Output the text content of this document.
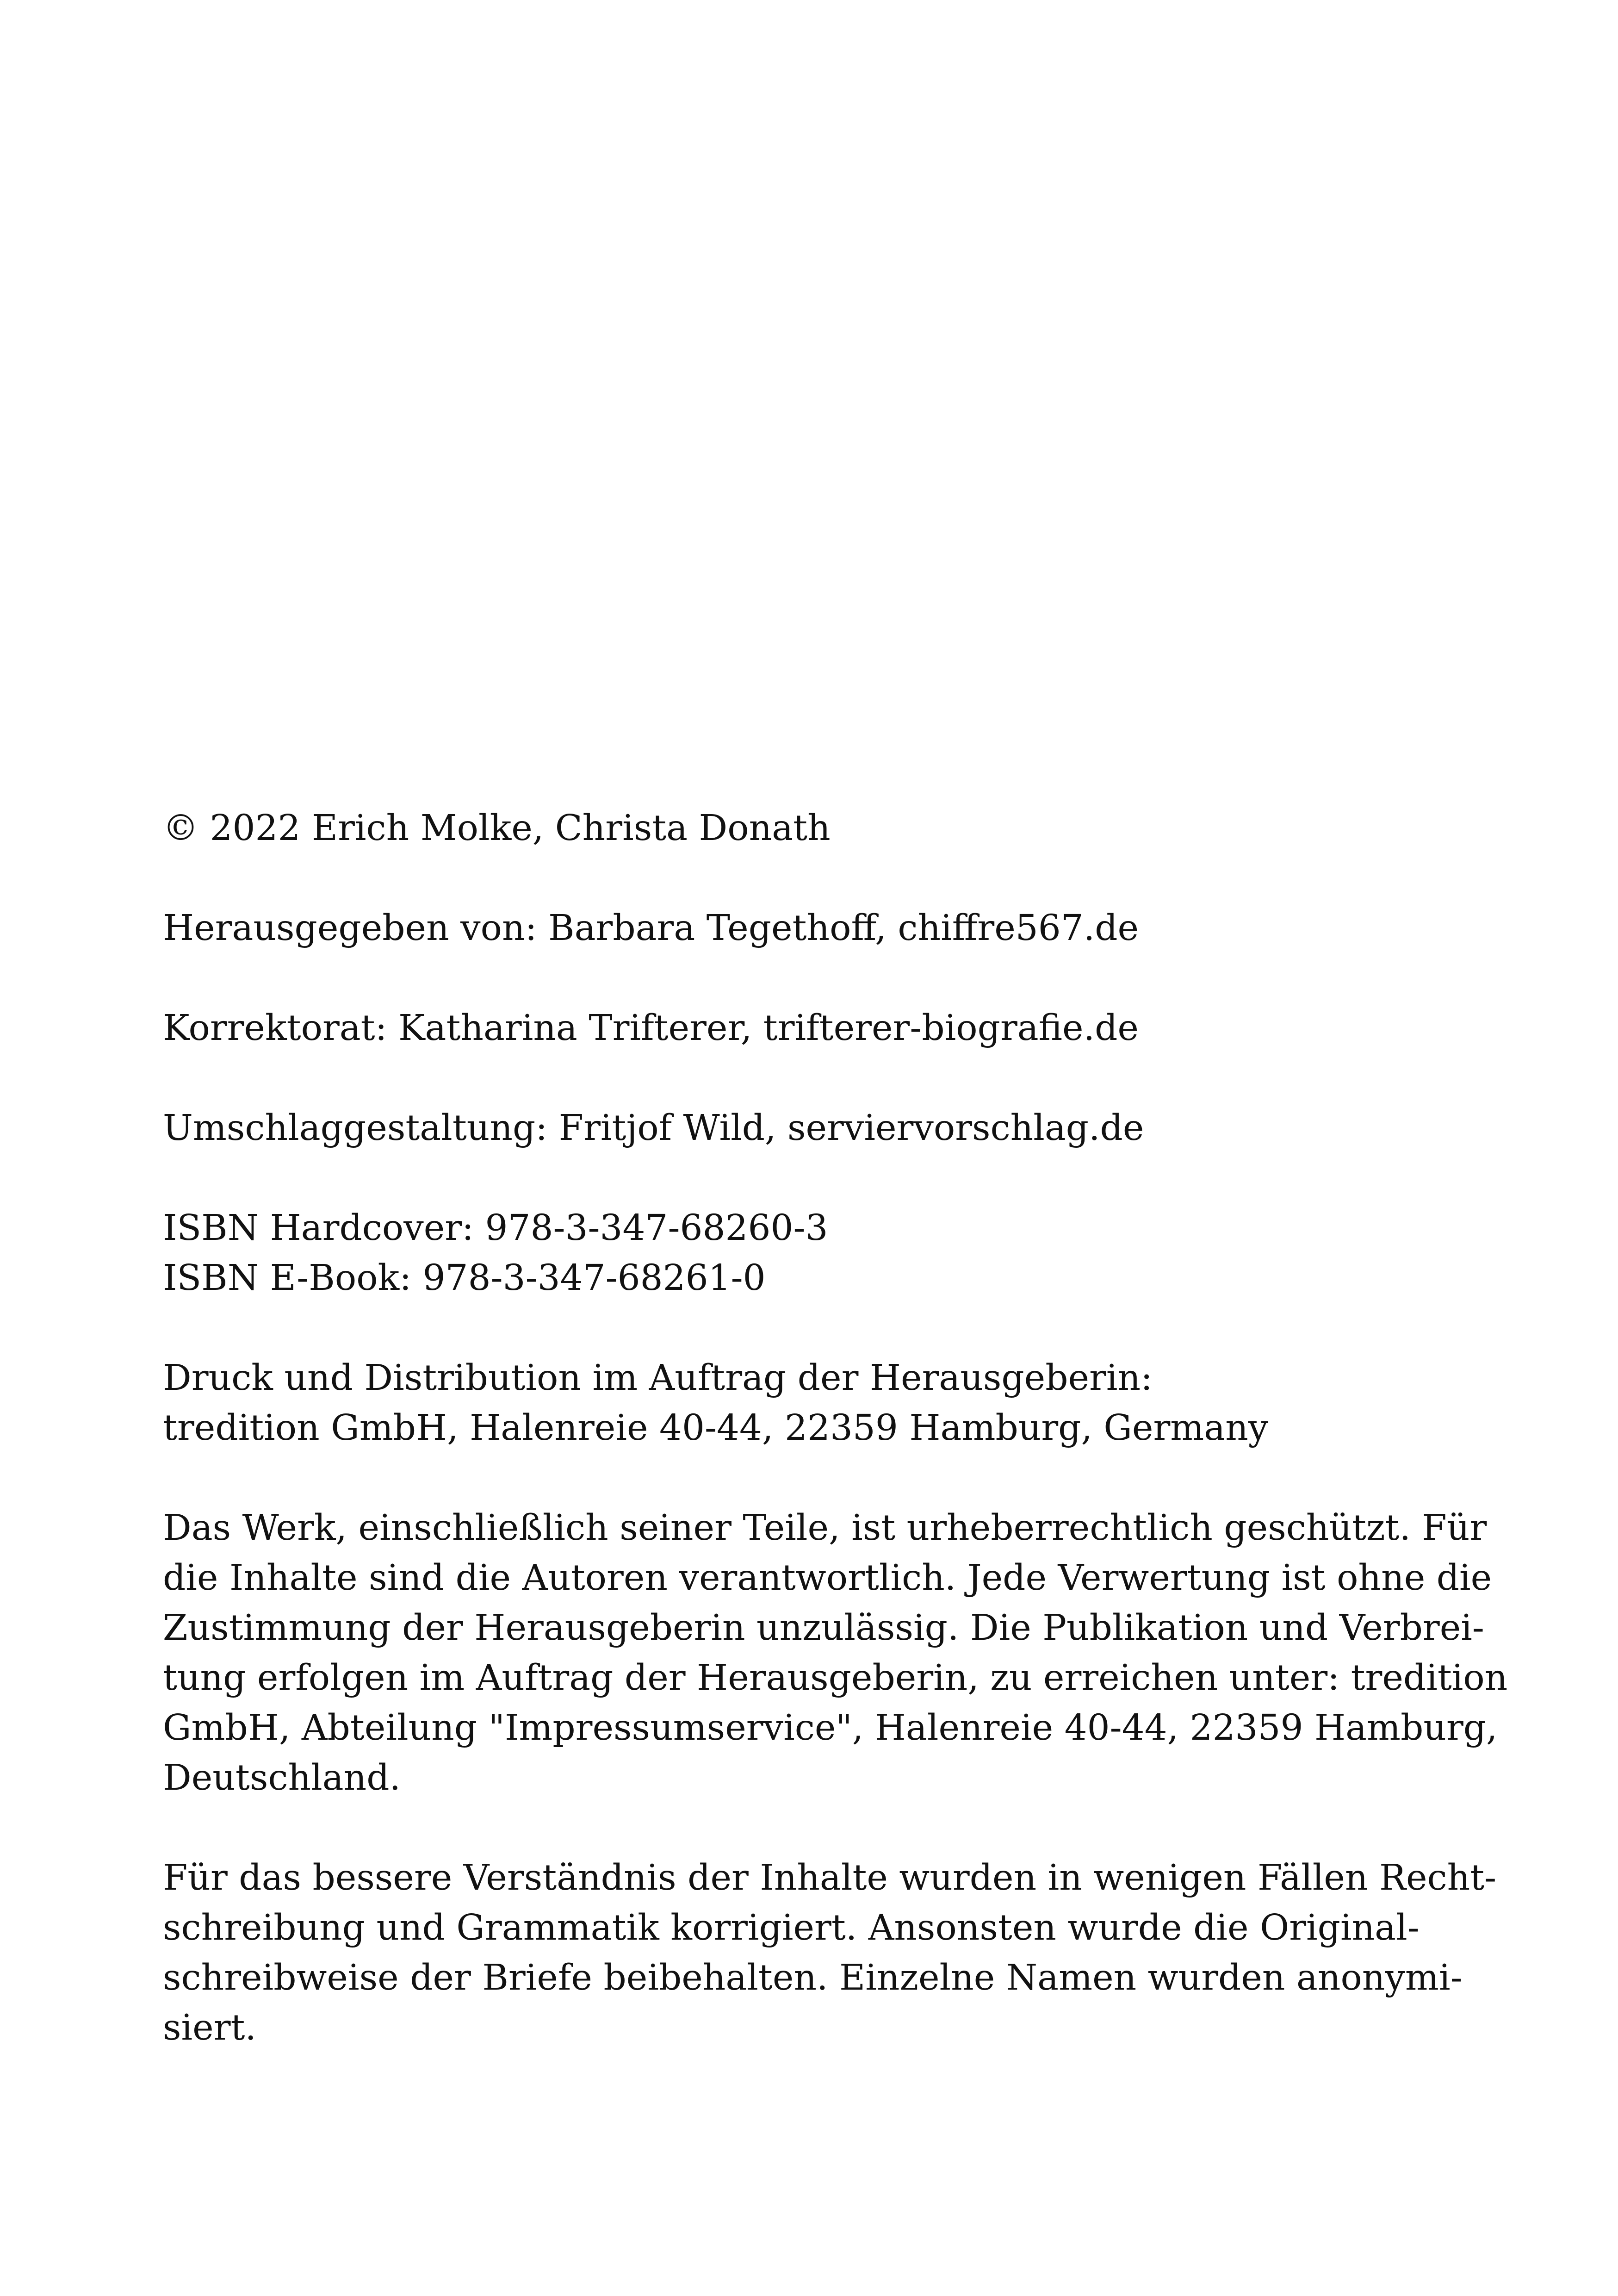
© 2022 Erich Molke, Christa Donath
Herausgegeben von: Barbara Tegethoff, chiffre567.de
Korrektorat: Katharina Trifterer, trifterer-biografie.de
Umschlaggestaltung: Fritjof Wild, serviervorschlag.de
ISBN Hardcover: 978-3-347-68260-3
ISBN E-Book: 978-3-347-68261-0
Druck und Distribution im Auftrag der Herausgeberin:
tredition GmbH, Halenreie 40-44, 22359 Hamburg, Germany
Das Werk, einschließlich seiner Teile, ist urheberrechtlich geschützt. Für
die Inhalte sind die Autoren verantwortlich. Jede Verwertung ist ohne die
Zustimmung der Herausgeberin unzulässig. Die Publikation und Verbrei-
tung erfolgen im Auftrag der Herausgeberin, zu erreichen unter: tredition
GmbH, Abteilung "Impressumservice", Halenreie 40-44, 22359 Hamburg,
Deutschland.
Für das bessere Verständnis der Inhalte wurden in wenigen Fällen Recht-
schreibung und Grammatik korrigiert. Ansonsten wurde die Original-
schreibweise der Briefe beibehalten. Einzelne Namen wurden anonymi-
siert.
